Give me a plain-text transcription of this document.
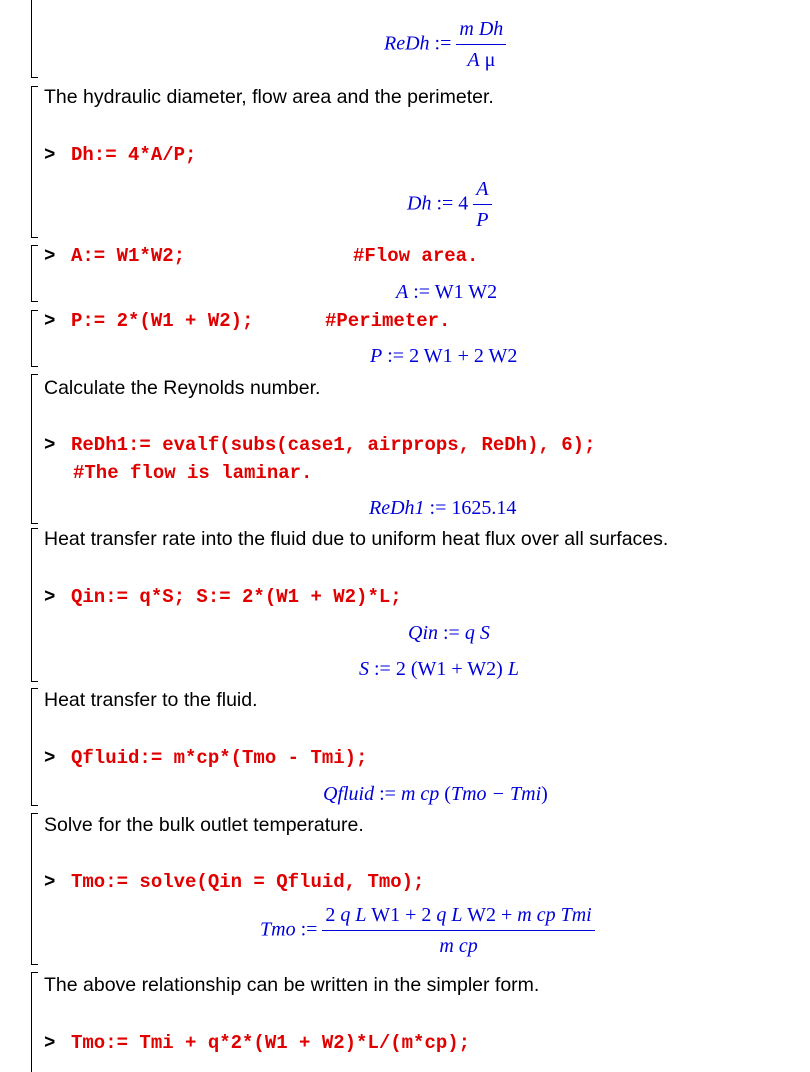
ReDh := $\frac{\text{m Dh}}{\text{A μ}}$
The hydraulic diameter, flow area and the perimeter.
> Dh:= 4*A/P;
Dh := $4 \frac{A}{P}$
> A:= W1*W2;	#Flow area.
A := W1 W2
> P:= 2*(W1 + W2);	#Perimeter.
P := 2 W1 + 2 W2
Calculate the Reynolds number.
> ReDh1:= evalf(subs(case1, airprops, ReDh), 6);
#The flow is laminar.
ReDh1 := 1625.14
Heat transfer rate into the fluid due to uniform heat flux over all surfaces.
> Qin:= q*S; S:= 2*(W1 + W2)*L;
Qin := q S
S := 2 (W1 + W2) L
Heat transfer to the fluid.
> Qfluid:= m*cp*(Tmo - Tmi);
Qfluid := m cp (Tmo − Tmi)
Solve for the bulk outlet temperature.
> Tmo:= solve(Qin = Qfluid, Tmo);
Tmo := $\frac{\text{2 q L W1 + 2 q L W2 + m cp Tmi}}{\text{m cp}}$
The above relationship can be written in the simpler form.
> Tmo:= Tmi + q*2*(W1 + W2)*L/(m*cp);
